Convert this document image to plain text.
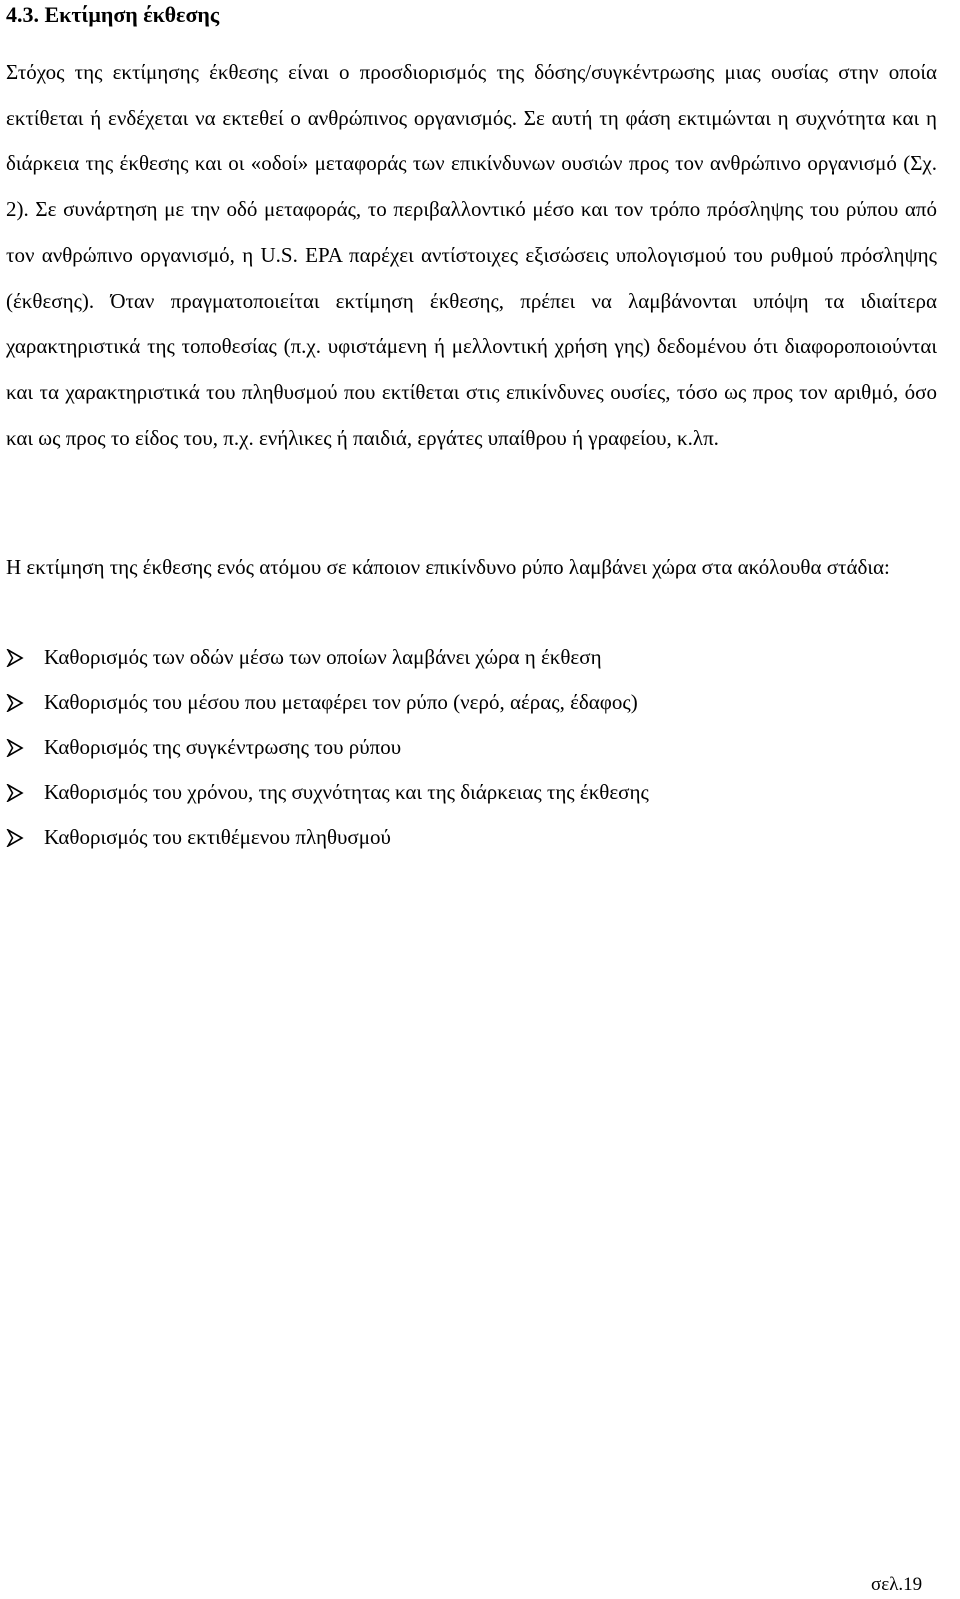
4.3. Εκτίμηση έκθεσης

Στόχος της εκτίμησης έκθεσης είναι ο προσδιορισμός της δόσης/συγκέντρωσης μιας ουσίας στην οποία εκτίθεται ή ενδέχεται να εκτεθεί ο ανθρώπινος οργανισμός. Σε αυτή τη φάση εκτιμώνται η συχνότητα και η διάρκεια της έκθεσης και οι «οδοί» μεταφοράς των επικίνδυνων ουσιών προς τον ανθρώπινο οργανισμό (Σχ. 2). Σε συνάρτηση με την οδό μεταφοράς, το περιβαλλοντικό μέσο και τον τρόπο πρόσληψης του ρύπου από τον ανθρώπινο οργανισμό, η U.S. EPA παρέχει αντίστοιχες εξισώσεις υπολογισμού του ρυθμού πρόσληψης (έκθεσης). Όταν πραγματοποιείται εκτίμηση έκθεσης, πρέπει να λαμβάνονται υπόψη τα ιδιαίτερα χαρακτηριστικά της τοποθεσίας (π.χ. υφιστάμενη ή μελλοντική χρήση γης) δεδομένου ότι διαφοροποιούνται και τα χαρακτηριστικά του πληθυσμού που εκτίθεται στις επικίνδυνες ουσίες, τόσο ως προς τον αριθμό, όσο και ως προς το είδος του, π.χ. ενήλικες ή παιδιά, εργάτες υπαίθρου ή γραφείου, κ.λπ.

Η εκτίμηση της έκθεσης ενός ατόμου σε κάποιον επικίνδυνο ρύπο λαμβάνει χώρα στα ακόλουθα στάδια:

Καθορισμός των οδών μέσω των οποίων λαμβάνει χώρα η έκθεση
Καθορισμός του μέσου που μεταφέρει τον ρύπο (νερό, αέρας, έδαφος)
Καθορισμός της συγκέντρωσης του ρύπου
Καθορισμός του χρόνου, της συχνότητας και της διάρκειας της έκθεσης
Καθορισμός του εκτιθέμενου πληθυσμού
σελ.19
